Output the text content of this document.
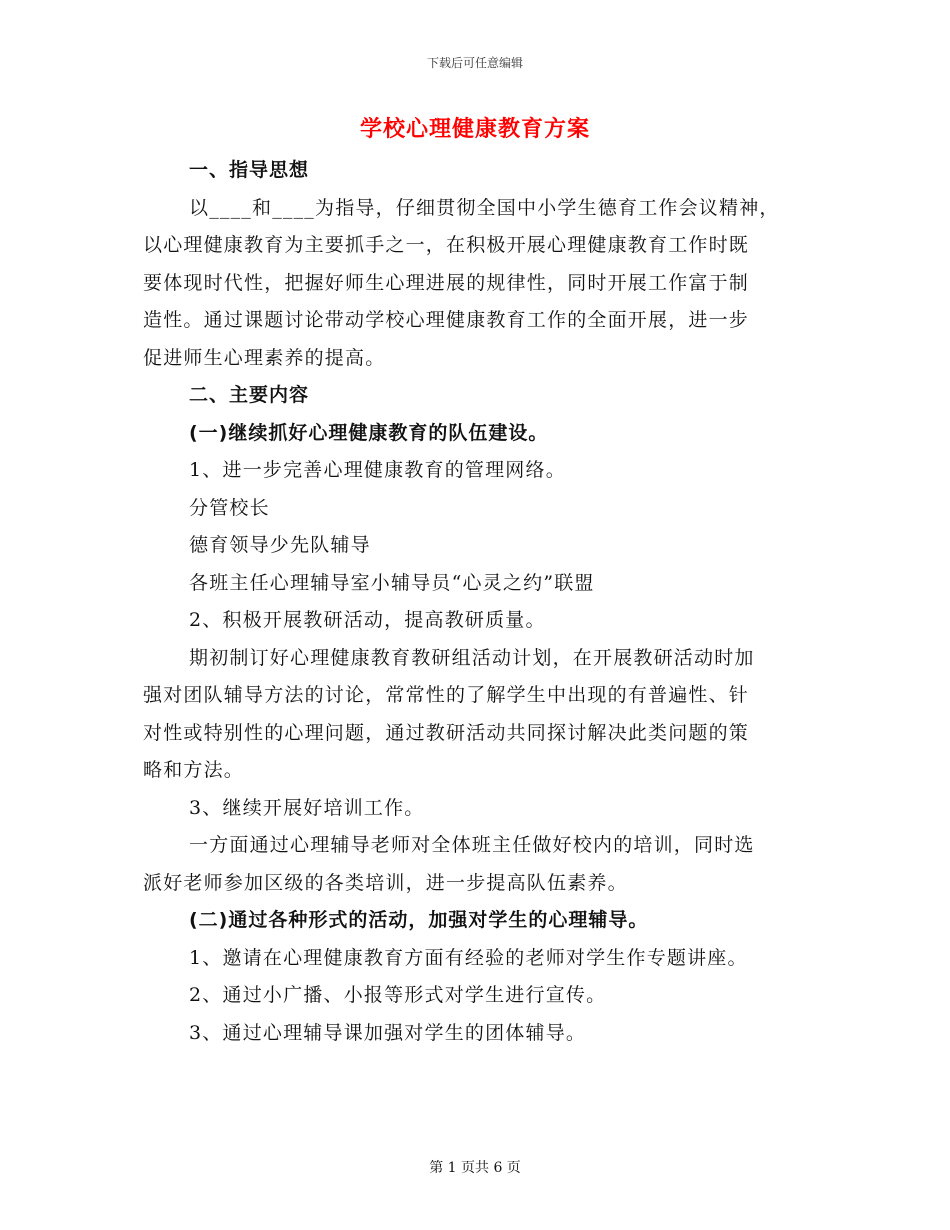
下载后可任意编辑
学校心理健康教育方案
一、指导思想
以____和____为指导，仔细贯彻全国中小学生德育工作会议精神，
以心理健康教育为主要抓手之一，在积极开展心理健康教育工作时既
要体现时代性，把握好师生心理进展的规律性，同时开展工作富于制
造性。通过课题讨论带动学校心理健康教育工作的全面开展，进一步
促进师生心理素养的提高。
二、主要内容
(一)继续抓好心理健康教育的队伍建设。
1、进一步完善心理健康教育的管理网络。
分管校长
德育领导少先队辅导
各班主任心理辅导室小辅导员“心灵之约”联盟
2、积极开展教研活动，提高教研质量。
期初制订好心理健康教育教研组活动计划，在开展教研活动时加
强对团队辅导方法的讨论，常常性的了解学生中出现的有普遍性、针
对性或特别性的心理问题，通过教研活动共同探讨解决此类问题的策
略和方法。
3、继续开展好培训工作。
一方面通过心理辅导老师对全体班主任做好校内的培训，同时选
派好老师参加区级的各类培训，进一步提高队伍素养。
(二)通过各种形式的活动，加强对学生的心理辅导。
1、邀请在心理健康教育方面有经验的老师对学生作专题讲座。
2、通过小广播、小报等形式对学生进行宣传。
3、通过心理辅导课加强对学生的团体辅导。
第 1 页共 6 页
